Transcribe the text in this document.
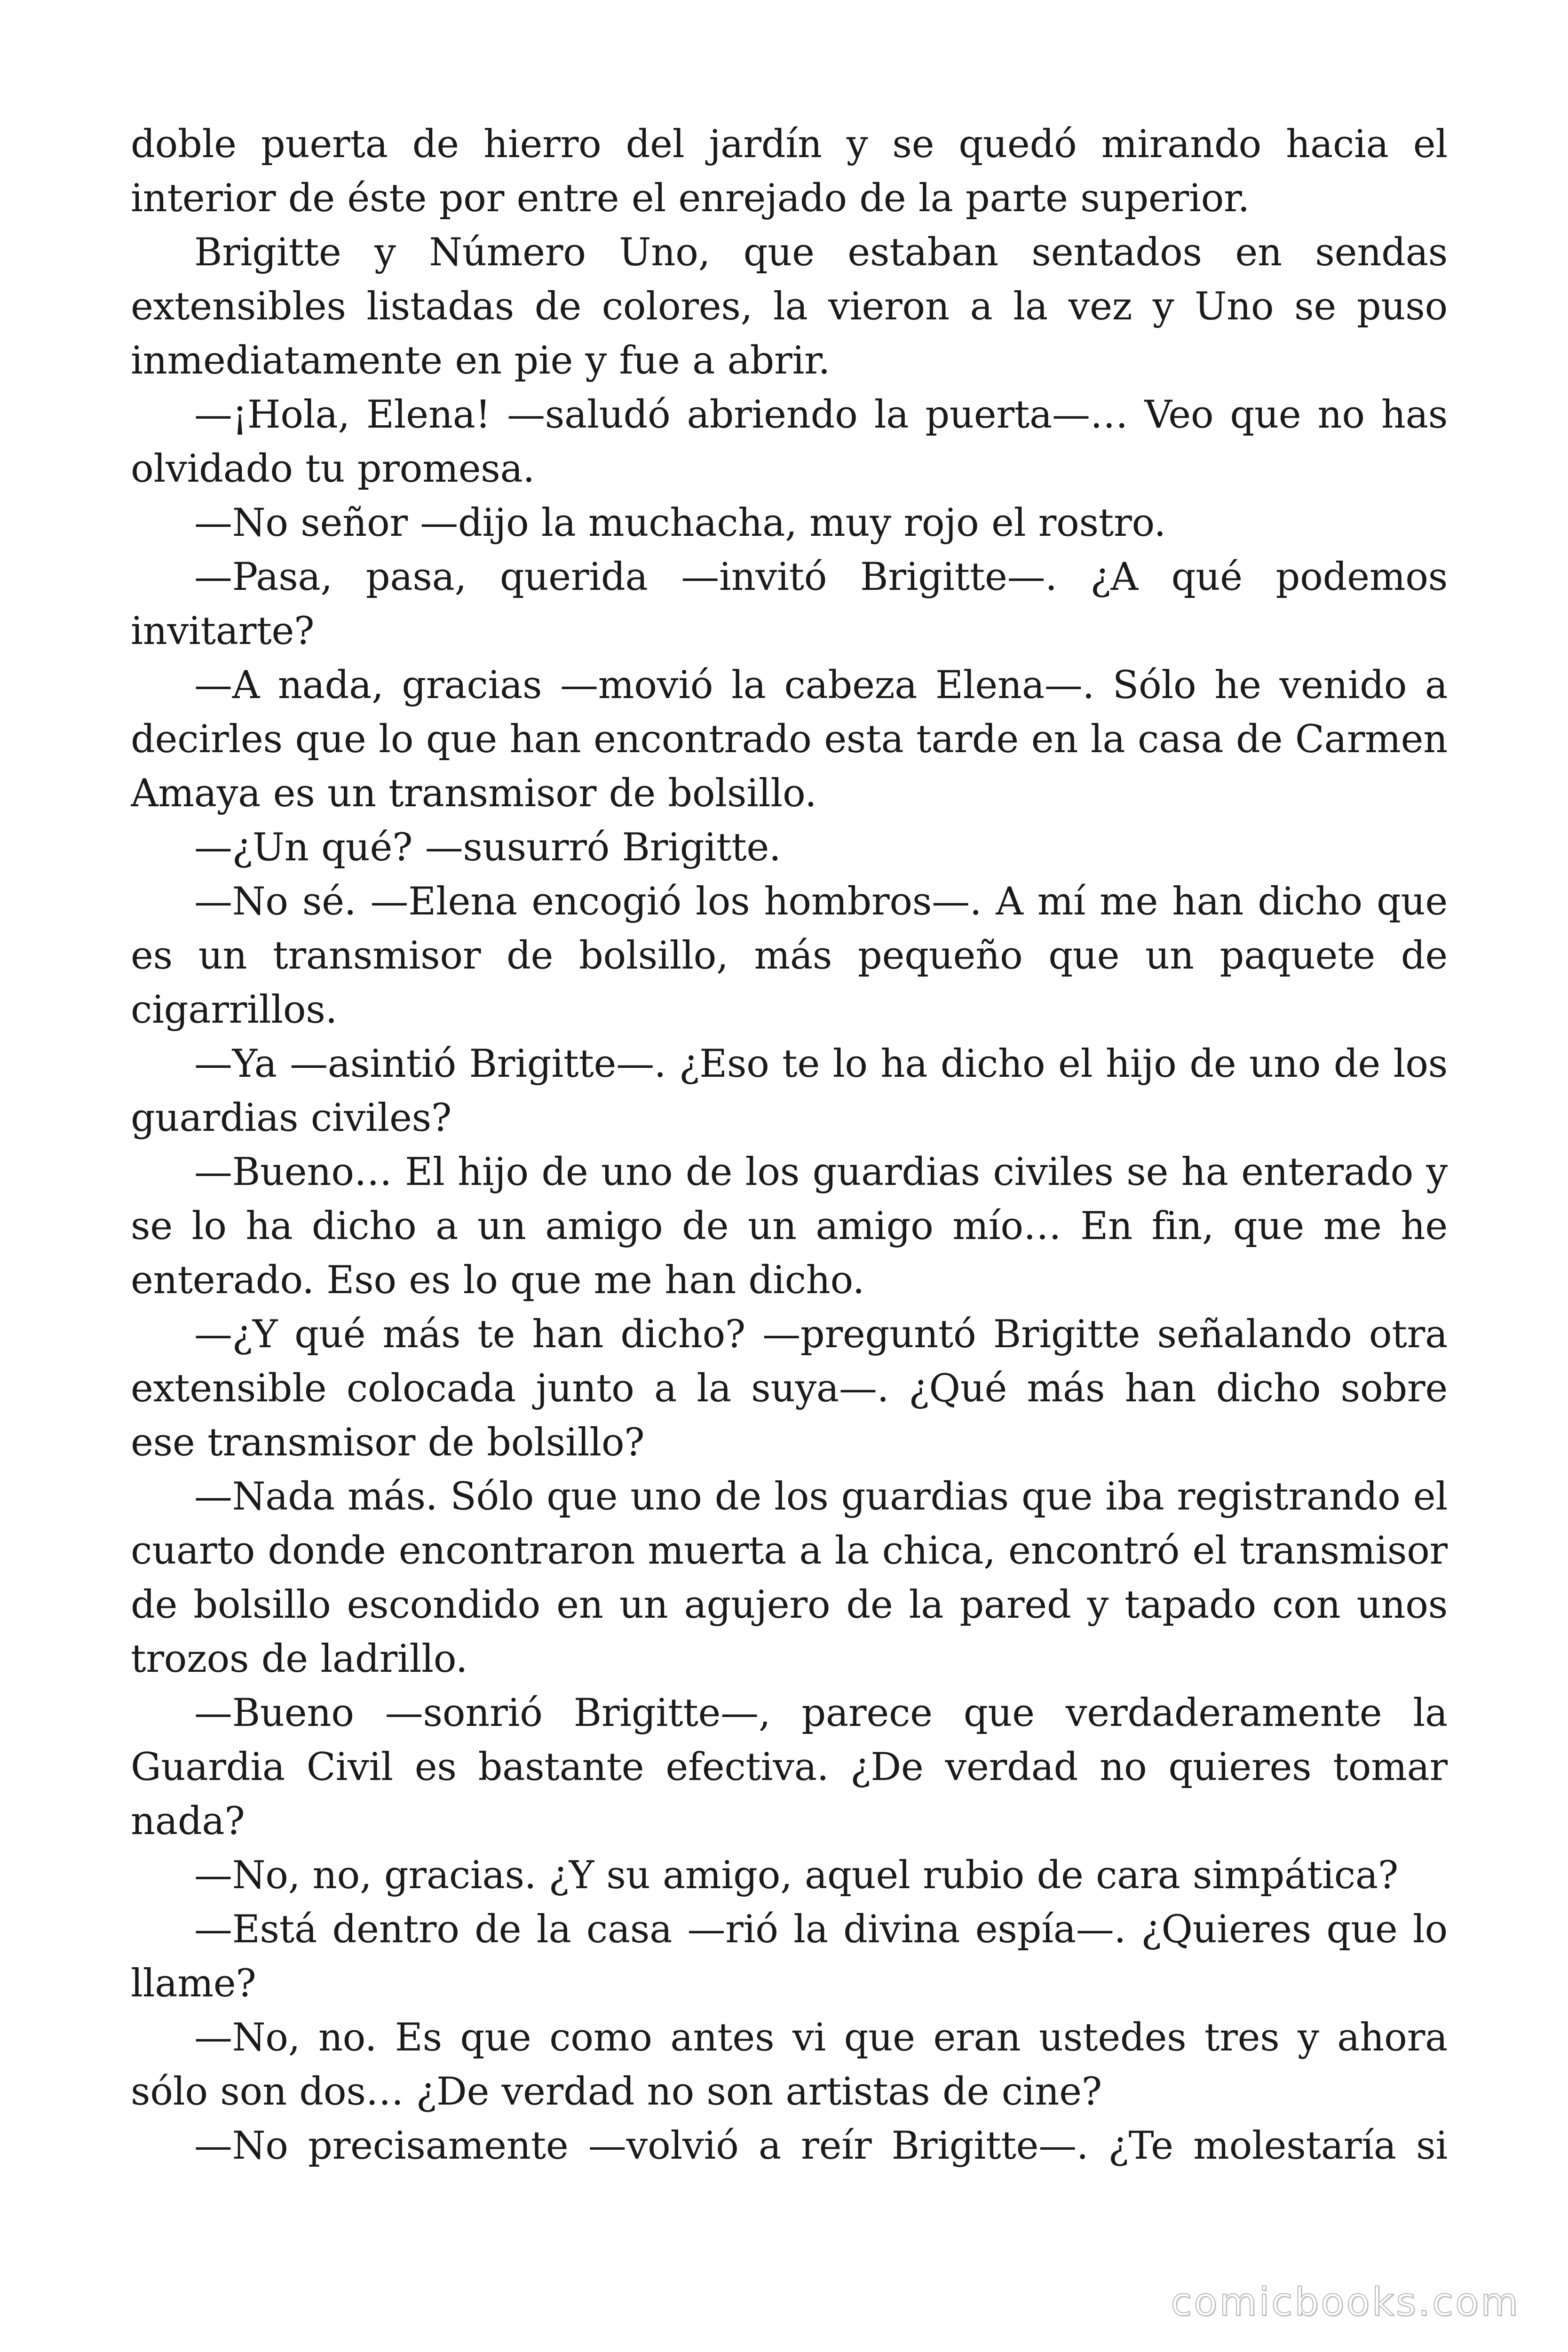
doble puerta de hierro del jardín y se quedó mirando hacia el interior de éste por entre el enrejado de la parte superior.

Brigitte y Número Uno, que estaban sentados en sendas extensibles listadas de colores, la vieron a la vez y Uno se puso inmediatamente en pie y fue a abrir.

—¡Hola, Elena! —saludó abriendo la puerta—… Veo que no has olvidado tu promesa.

—No señor —dijo la muchacha, muy rojo el rostro.

—Pasa, pasa, querida —invitó Brigitte—. ¿A qué podemos invitarte?

—A nada, gracias —movió la cabeza Elena—. Sólo he venido a decirles que lo que han encontrado esta tarde en la casa de Carmen Amaya es un transmisor de bolsillo.

—¿Un qué? —susurró Brigitte.

—No sé. —Elena encogió los hombros—. A mí me han dicho que es un transmisor de bolsillo, más pequeño que un paquete de cigarrillos.

—Ya —asintió Brigitte—. ¿Eso te lo ha dicho el hijo de uno de los guardias civiles?

—Bueno… El hijo de uno de los guardias civiles se ha enterado y se lo ha dicho a un amigo de un amigo mío… En fin, que me he enterado. Eso es lo que me han dicho.

—¿Y qué más te han dicho? —preguntó Brigitte señalando otra extensible colocada junto a la suya—. ¿Qué más han dicho sobre ese transmisor de bolsillo?

—Nada más. Sólo que uno de los guardias que iba registrando el cuarto donde encontraron muerta a la chica, encontró el transmisor de bolsillo escondido en un agujero de la pared y tapado con unos trozos de ladrillo.

—Bueno —sonrió Brigitte—, parece que verdaderamente la Guardia Civil es bastante efectiva. ¿De verdad no quieres tomar nada?

—No, no, gracias. ¿Y su amigo, aquel rubio de cara simpática?

—Está dentro de la casa —rió la divina espía—. ¿Quieres que lo llame?

—No, no. Es que como antes vi que eran ustedes tres y ahora sólo son dos… ¿De verdad no son artistas de cine?

—No precisamente —volvió a reír Brigitte—. ¿Te molestaría si

comicbooks.com
